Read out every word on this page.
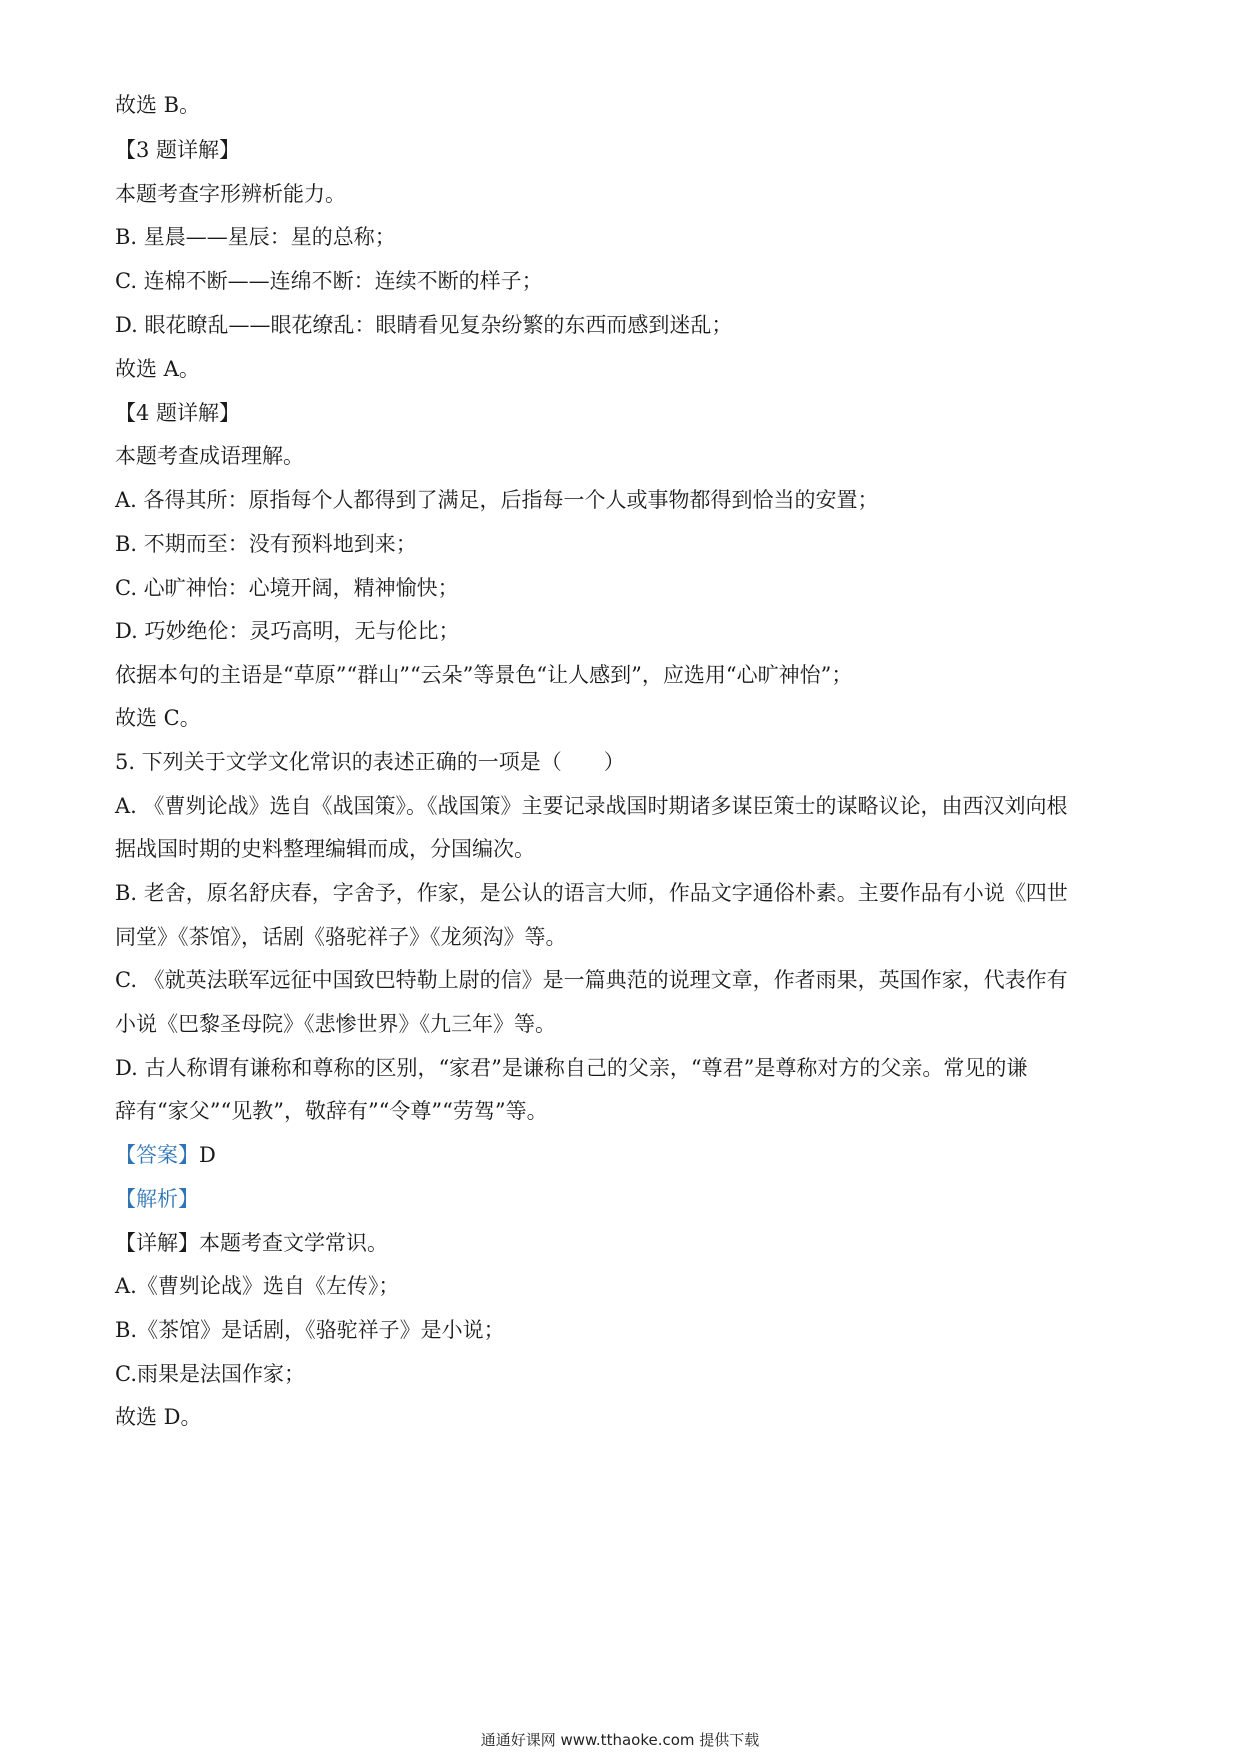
故选 B。
【3 题详解】
本题考查字形辨析能力。
B. 星晨——星辰：星的总称；
C. 连棉不断——连绵不断：连续不断的样子；
D. 眼花瞭乱——眼花缭乱：眼睛看见复杂纷繁的东西而感到迷乱；
故选 A。
【4 题详解】
本题考查成语理解。
A. 各得其所：原指每个人都得到了满足，后指每一个人或事物都得到恰当的安置；
B. 不期而至：没有预料地到来；
C. 心旷神怡：心境开阔，精神愉快；
D. 巧妙绝伦：灵巧高明，无与伦比；
依据本句的主语是“草原”“群山”“云朵”等景色“让人感到”，应选用“心旷神怡”；
故选 C。
5. 下列关于文学文化常识的表述正确的一项是（　　）
A. 《曹刿论战》选自《战国策》。《战国策》主要记录战国时期诸多谋臣策士的谋略议论，由西汉刘向根
据战国时期的史料整理编辑而成，分国编次。
B. 老舍，原名舒庆春，字舍予，作家，是公认的语言大师，作品文字通俗朴素。主要作品有小说《四世
同堂》《茶馆》，话剧《骆驼祥子》《龙须沟》等。
C. 《就英法联军远征中国致巴特勒上尉的信》是一篇典范的说理文章，作者雨果，英国作家，代表作有
小说《巴黎圣母院》《悲惨世界》《九三年》等。
D. 古人称谓有谦称和尊称的区别，“家君”是谦称自己的父亲，“尊君”是尊称对方的父亲。常见的谦
辞有“家父”“见教”，敬辞有”“令尊”“劳驾”等。
【答案】D
【解析】
【详解】本题考查文学常识。
A.《曹刿论战》选自《左传》；
B.《茶馆》是话剧，《骆驼祥子》是小说；
C.雨果是法国作家；
故选 D。
通通好课网 www.tthaoke.com 提供下载
